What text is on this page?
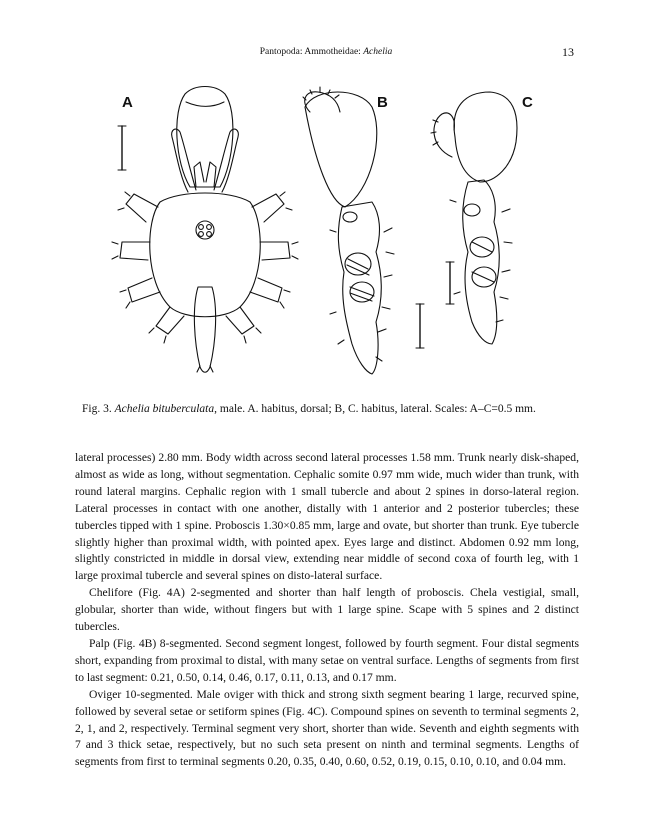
Pantopoda: Ammotheidae: Achelia	13
A	B	C
Fig. 3. Achelia bituberculata, male. A. habitus, dorsal; B, C. habitus, lateral. Scales: A–C=0.5 mm.

lateral processes) 2.80 mm. Body width across second lateral processes 1.58 mm. Trunk nearly disk-shaped, almost as wide as long, without segmentation. Cephalic somite 0.97 mm wide, much wider than trunk, with round lateral margins. Cephalic region with 1 small tubercle and about 2 spines in dorso-lateral region. Lateral processes in contact with one another, distally with 1 anterior and 2 posterior tubercles; these tubercles tipped with 1 spine. Proboscis 1.30×0.85 mm, large and ovate, but shorter than trunk. Eye tubercle slightly higher than proximal width, with pointed apex. Eyes large and distinct. Abdomen 0.92 mm long, slightly constricted in middle in dorsal view, extending near middle of second coxa of fourth leg, with 1 large proximal tubercle and several spines on disto-lateral surface.

Chelifore (Fig. 4A) 2-segmented and shorter than half length of proboscis. Chela vestigial, small, globular, shorter than wide, without fingers but with 1 large spine. Scape with 5 spines and 2 distinct tubercles.

Palp (Fig. 4B) 8-segmented. Second segment longest, followed by fourth segment. Four distal segments short, expanding from proximal to distal, with many setae on ventral surface. Lengths of segments from first to last segment: 0.21, 0.50, 0.14, 0.46, 0.17, 0.11, 0.13, and 0.17 mm.

Oviger 10-segmented. Male oviger with thick and strong sixth segment bearing 1 large, recurved spine, followed by several setae or setiform spines (Fig. 4C). Compound spines on seventh to terminal segments 2, 2, 1, and 2, respectively. Terminal segment very short, shorter than wide. Seventh and eighth segments with 7 and 3 thick setae, respectively, but no such seta present on ninth and terminal segments. Lengths of segments from first to terminal segments 0.20, 0.35, 0.40, 0.60, 0.52, 0.19, 0.15, 0.10, 0.10, and 0.04 mm.
